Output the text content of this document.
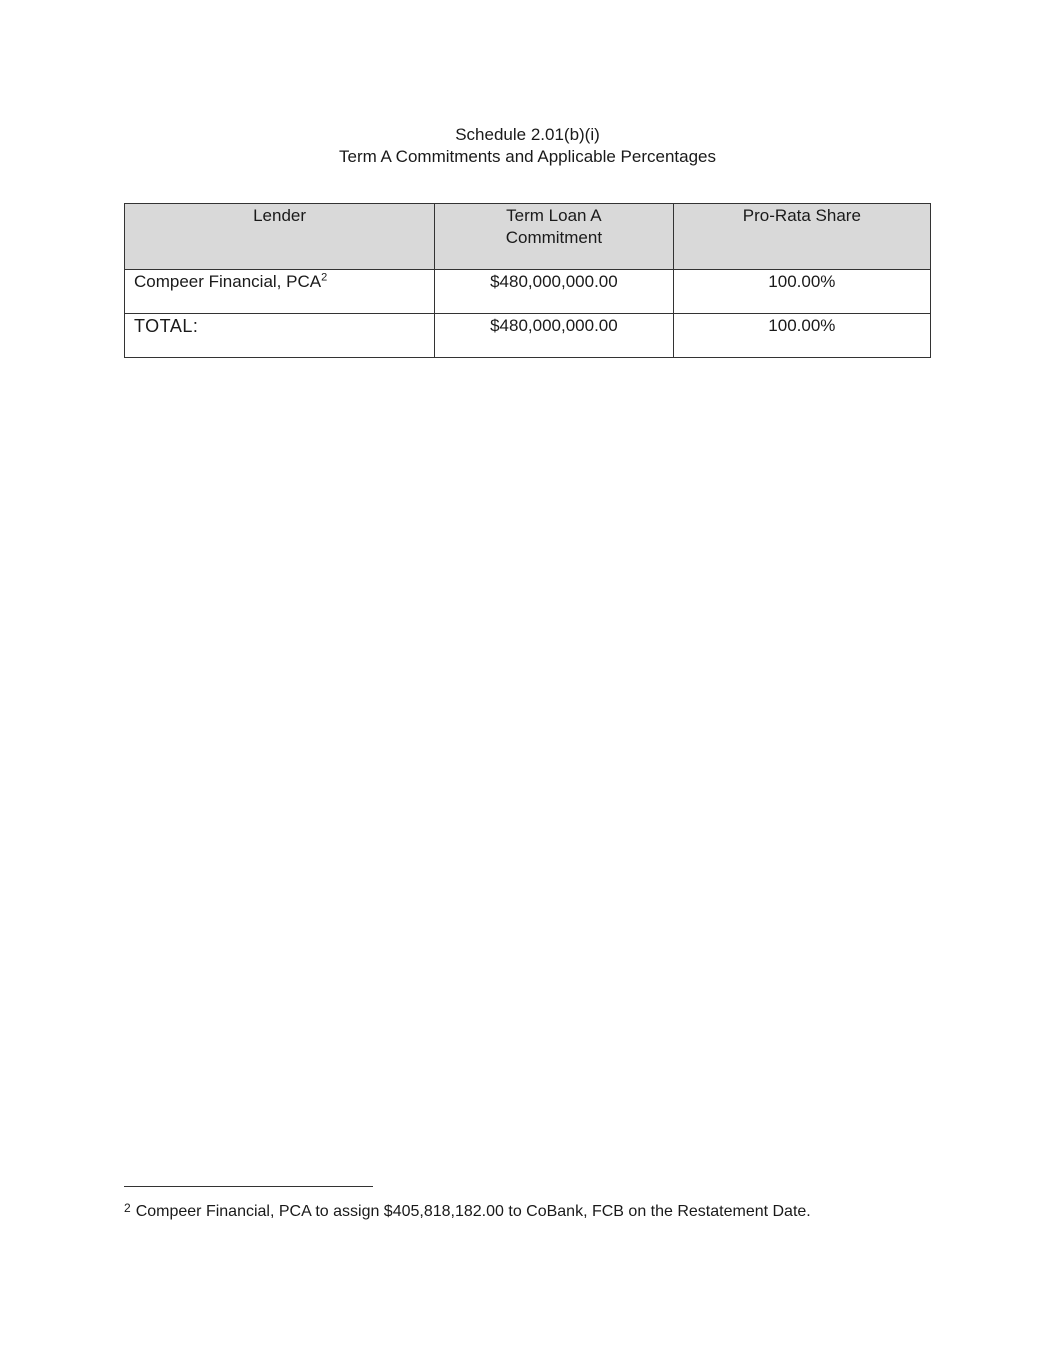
Schedule 2.01(b)(i)
Term A Commitments and Applicable Percentages
Lender	Term Loan A Commitment	Pro-Rata Share
Compeer Financial, PCA$^2$	$480,000,000.00	100.00%
TOTAL:	$480,000,000.00	100.00%
$^2$ Compeer Financial, PCA to assign $405,818,182.00 to CoBank, FCB on the Restatement Date.
